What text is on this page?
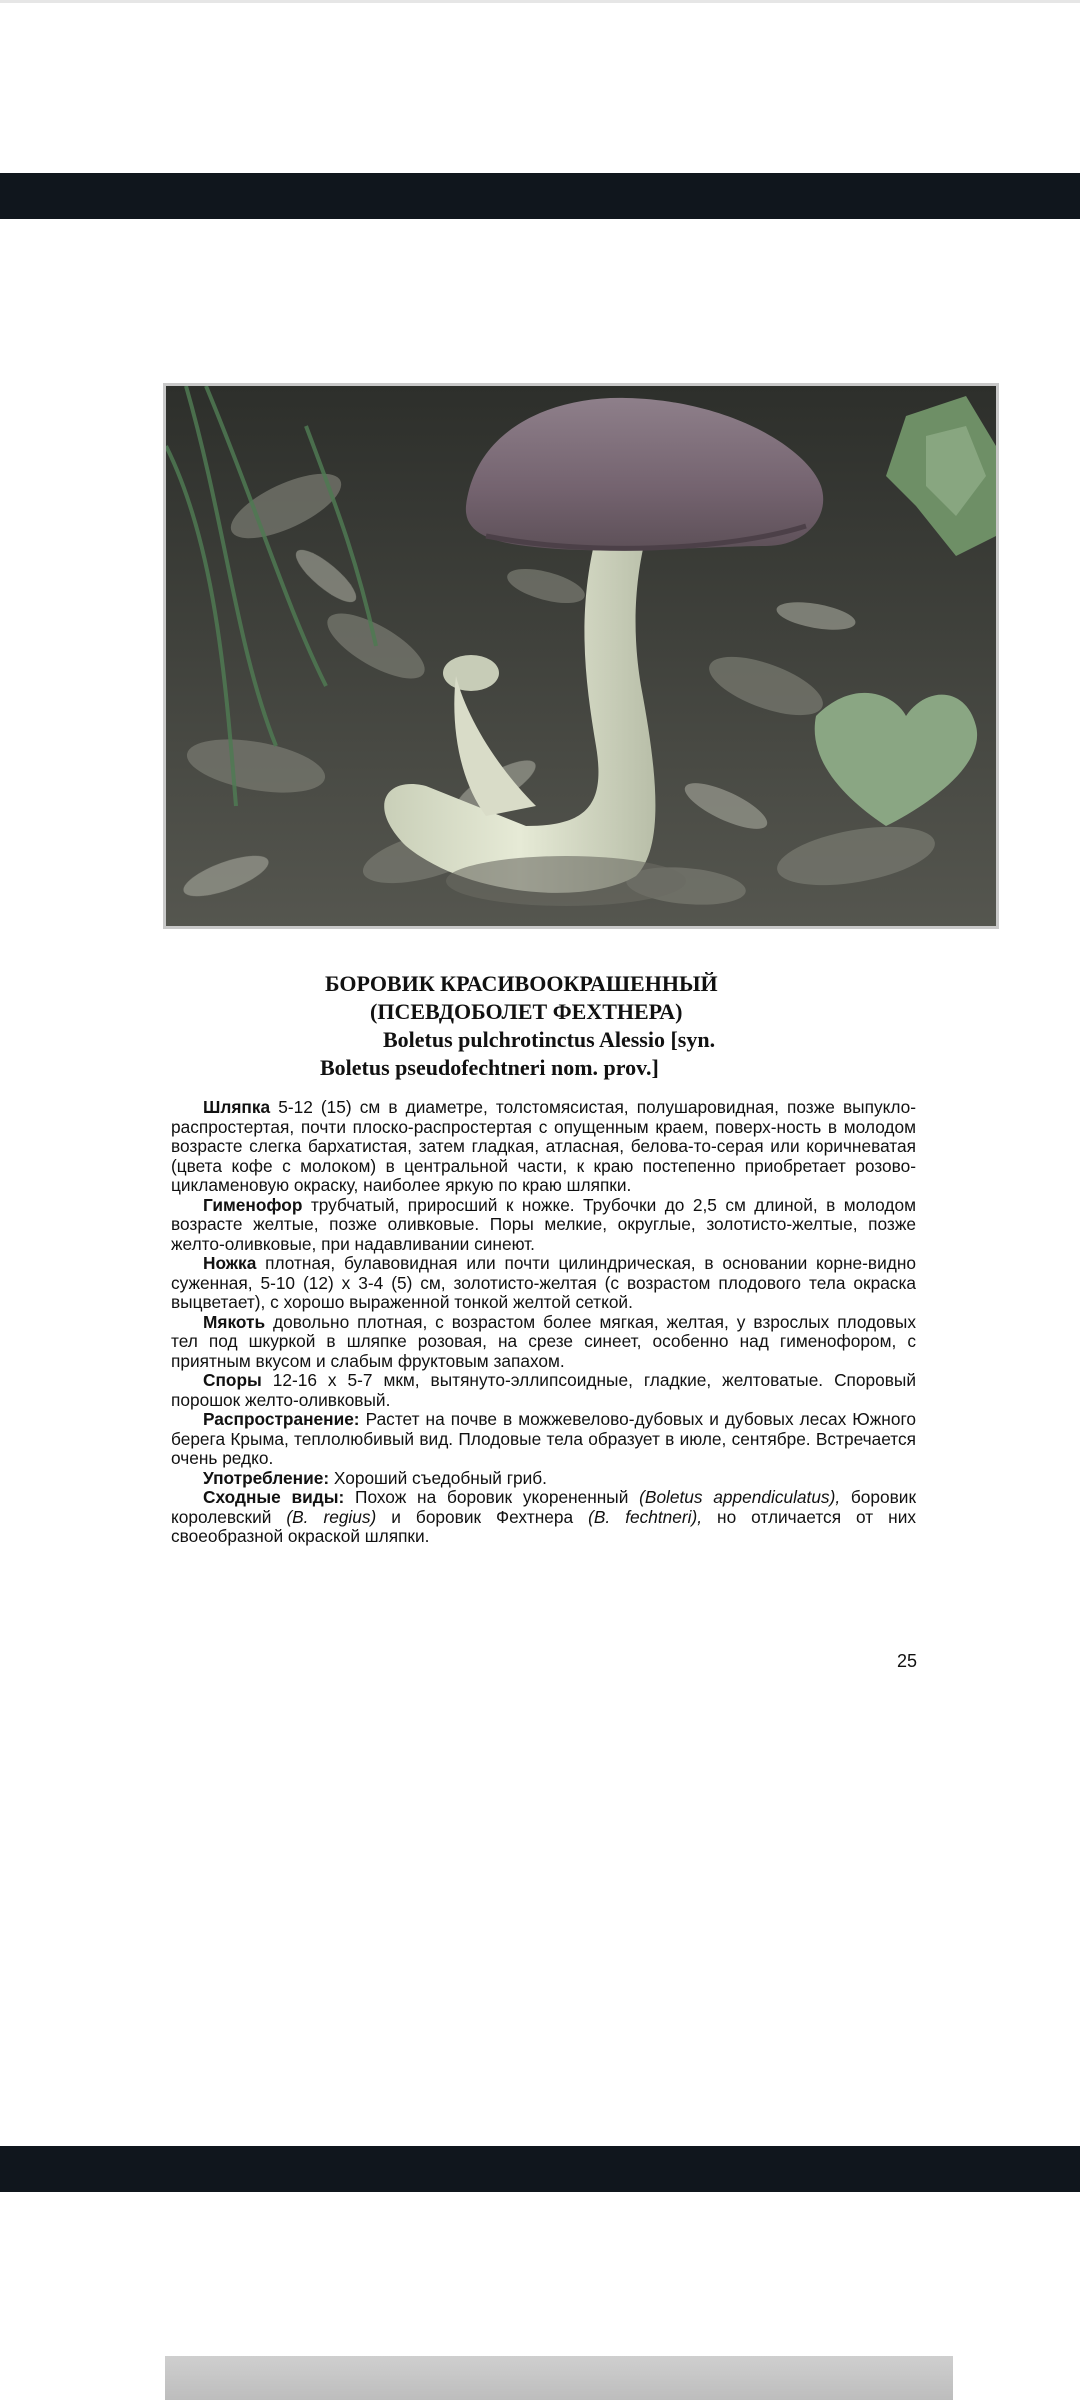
БОРОВИК КРАСИВООКРАШЕННЫЙ
(ПСЕВДОБОЛЕТ ФЕХТНЕРА)
Boletus pulchrotinctus Alessio [syn.
Boletus pseudofechtneri nom. prov.]

Шляпка 5-12 (15) см в диаметре, толстомясистая, полушаровидная, позже выпукло-распростертая, почти плоско-распростертая с опущенным краем, поверх-ность в молодом возрасте слегка бархатистая, затем гладкая, атласная, белова-то-серая или коричневатая (цвета кофе с молоком) в центральной части, к краю постепенно приобретает розово-цикламеновую окраску, наиболее яркую по краю шляпки.

Гименофор трубчатый, приросший к ножке. Трубочки до 2,5 см длиной, в молодом возрасте желтые, позже оливковые. Поры мелкие, округлые, золотисто-желтые, позже желто-оливковые, при надавливании синеют.

Ножка плотная, булавовидная или почти цилиндрическая, в основании корне-видно суженная, 5-10 (12) х 3-4 (5) см, золотисто-желтая (с возрастом плодового тела окраска выцветает), с хорошо выраженной тонкой желтой сеткой.

Мякоть довольно плотная, с возрастом более мягкая, желтая, у взрослых плодовых тел под шкуркой в шляпке розовая, на срезе синеет, особенно над гименофором, с приятным вкусом и слабым фруктовым запахом.

Споры 12-16 х 5-7 мкм, вытянуто-эллипсоидные, гладкие, желтоватые. Споровый порошок желто-оливковый.

Распространение: Растет на почве в можжевелово-дубовых и дубовых лесах Южного берега Крыма, теплолюбивый вид. Плодовые тела образует в июле, сентябре. Встречается очень редко.

Употребление: Хороший съедобный гриб.

Сходные виды: Похож на боровик укорененный (Boletus appendiculatus), боровик королевский (B. regius) и боровик Фехтнера (B. fechtneri), но отличается от них своеобразной окраской шляпки.

25
